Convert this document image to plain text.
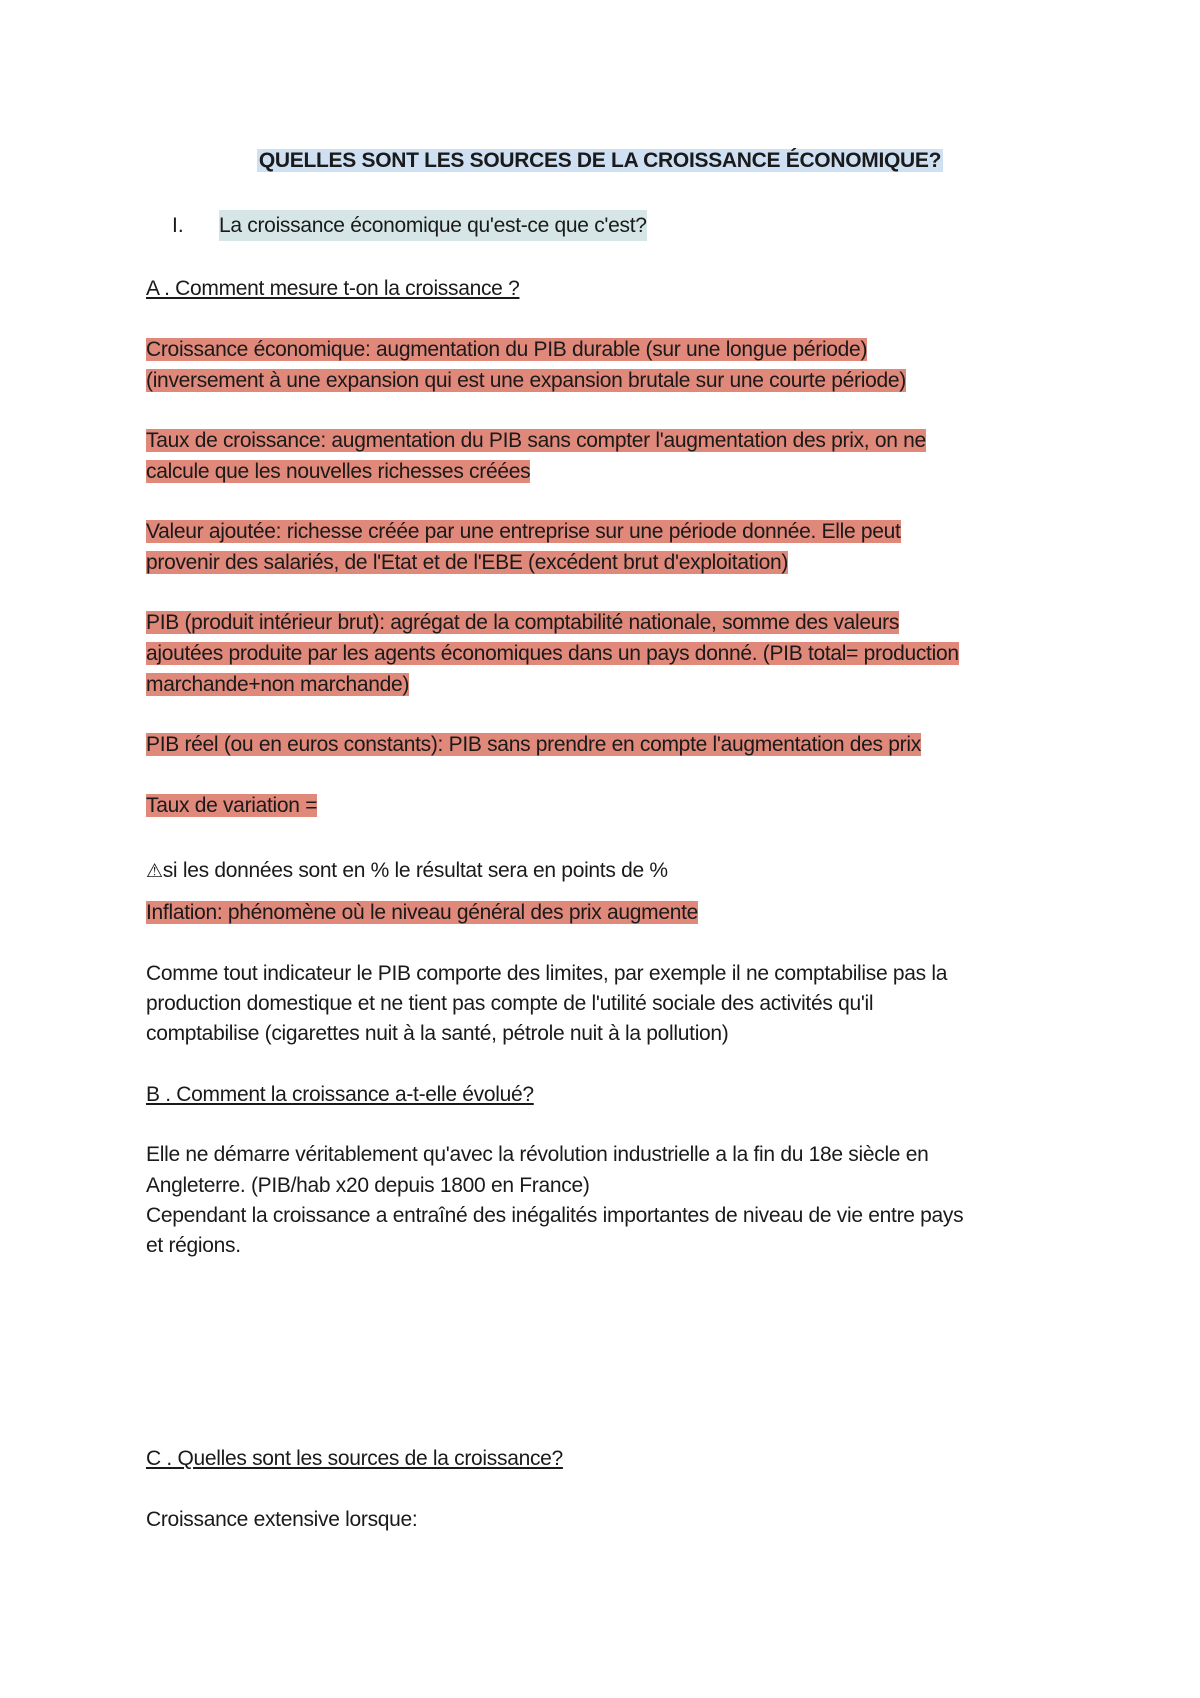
QUELLES SONT LES SOURCES DE LA CROISSANCE ÉCONOMIQUE?
I. La croissance économique qu'est-ce que c'est?
A . Comment mesure t-on la croissance ?
Croissance économique: augmentation du PIB durable (sur une longue période)
(inversement à une expansion qui est une expansion brutale sur une courte période)
Taux de croissance: augmentation du PIB sans compter l'augmentation des prix, on ne
calcule que les nouvelles richesses créées
Valeur ajoutée: richesse créée par une entreprise sur une période donnée. Elle peut
provenir des salariés, de l'Etat et de l'EBE (excédent brut d'exploitation)
PIB (produit intérieur brut): agrégat de la comptabilité nationale, somme des valeurs
ajoutées produite par les agents économiques dans un pays donné. (PIB total= production
marchande+non marchande)
PIB réel (ou en euros constants): PIB sans prendre en compte l'augmentation des prix
Taux de variation =
⚠si les données sont en % le résultat sera en points de %
Inflation: phénomène où le niveau général des prix augmente
Comme tout indicateur le PIB comporte des limites, par exemple il ne comptabilise pas la
production domestique et ne tient pas compte de l'utilité sociale des activités qu'il
comptabilise (cigarettes nuit à la santé, pétrole nuit à la pollution)
B . Comment la croissance a-t-elle évolué?
Elle ne démarre véritablement qu'avec la révolution industrielle a la fin du 18e siècle en
Angleterre. (PIB/hab x20 depuis 1800 en France)
Cependant la croissance a entraîné des inégalités importantes de niveau de vie entre pays
et régions.
C . Quelles sont les sources de la croissance?
Croissance extensive lorsque:
